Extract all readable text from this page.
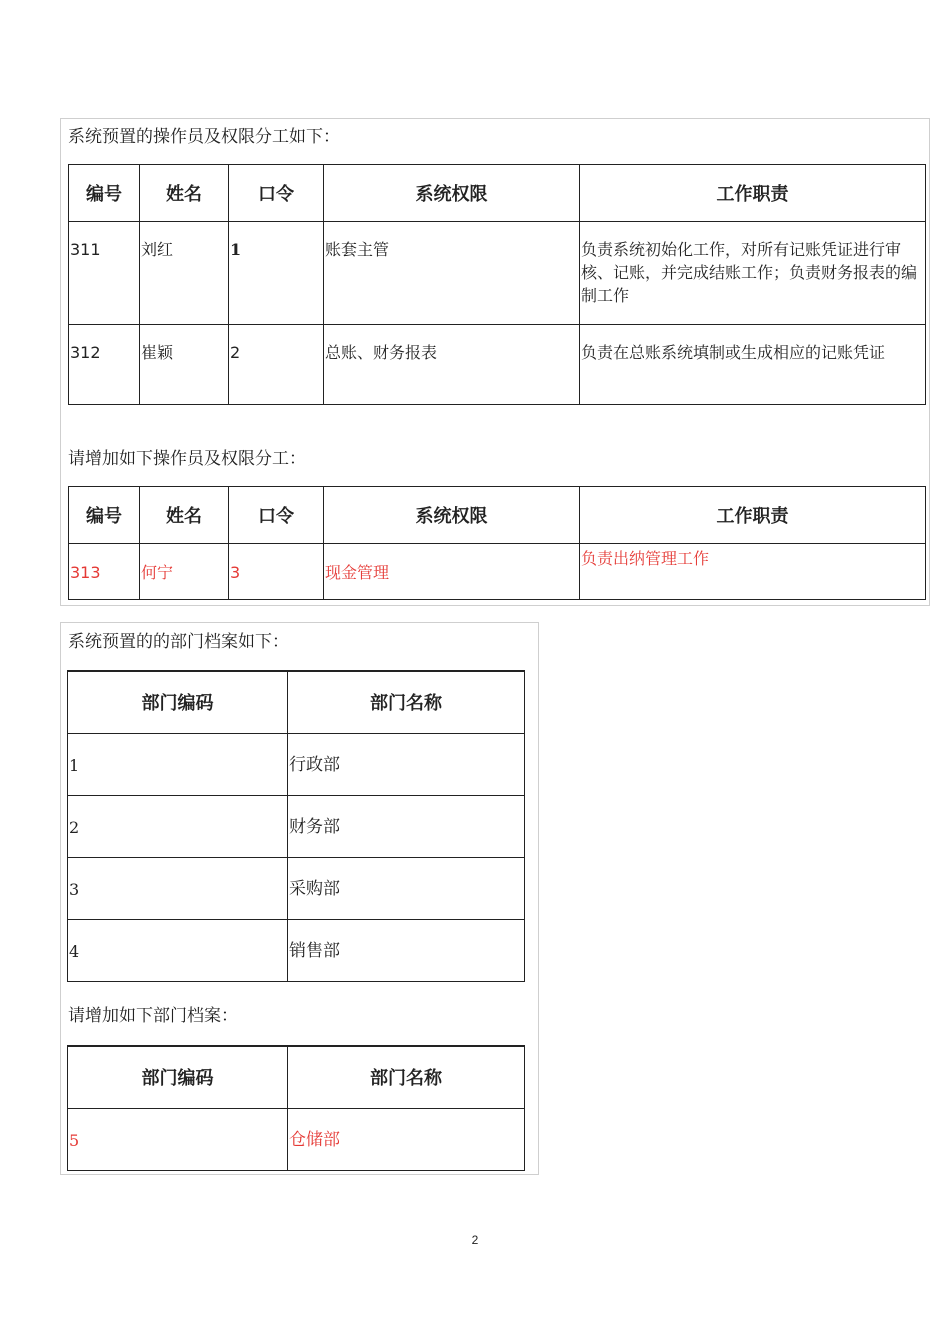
系统预置的操作员及权限分工如下：
编号	姓名	口令	系统权限	工作职责

311	刘红	1	账套主管	负责系统初始化工作，对所有记账凭证进行审核、记账，并完成结账工作；负责财务报表的编制工作

312	崔颖	2	总账、财务报表	负责在总账系统填制或生成相应的记账凭证
请增加如下操作员及权限分工：
编号	姓名	口令	系统权限	工作职责

313	何宁	3	现金管理	负责出纳管理工作
系统预置的的部门档案如下：
部门编码	部门名称

1	行政部

2	财务部

3	采购部

4	销售部
请增加如下部门档案：
部门编码	部门名称

5	仓储部
2
